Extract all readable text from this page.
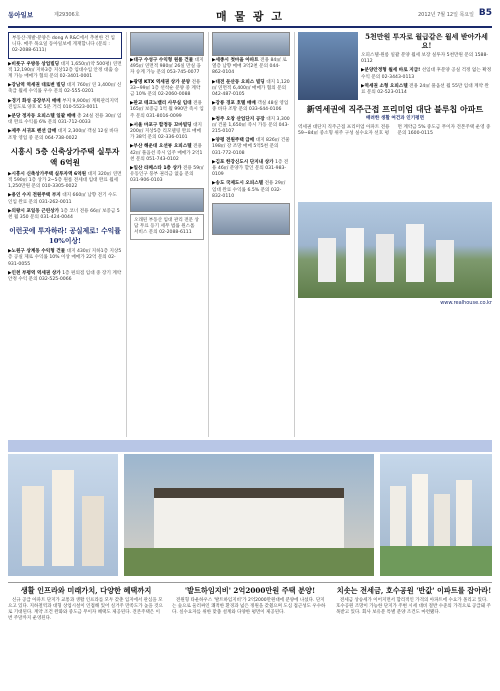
동아일보	제29306호	매 물 광 고	2012년 7월 12일 목요일 B5
부동산·개발·분양은 dong A R&C에서 추천한 건 입니다. 매주 목요일 동아일보에 게재합니다 (문의 : 02-2088-6111)
▶비롯구 우방동 상업빌딩 대지 1,650㎡(약 500평) 연면적 12,190㎡ 지하3층 지상12층 임대수입 안정 대출 승계 가능 매매가 협의 문의 02-3401-0001
▶강남역 역세권 대로변 빌딩 대지 760㎡ 연 3,400㎡ 신축급 월세 수익률 우수 문의 02-555-0201
▶경기 화성 공장부지 매매 부지 9,900㎡ 계획관리지역 진입도로 양호 IC 5분 거리 010-5523-0011
▶분당 정자동 오피스텔 일괄 매매 총 24실 전용 30㎡ 임대 완료 수익률 6% 문의 031-712-0033
▶제주 서귀포 펜션 급매 대지 2,300㎡ 객실 12실 바다 조망 영업 중 문의 064-738-0022
시흥시 5층 신축상가주택 실투자액 6억원
▶시흥시 신축상가주택 실투자액 6억원 대지 320㎡ 연면적 590㎡ 1층 상가 2~5층 원룸 전세대 임대 완료 월세 1,250만원 문의 010-3305-0022
▶용인 수지 전원주택 부지 대지 660㎡ 남향 전기 수도 인입 완료 문의 031-262-0011
▶의왕시 포일동 근린상가 1층 코너 전용 66㎡ 보증금 5천 월 350 문의 031-424-0044
이런곳에 투자하라! 공실제로! 수익률 10%이상!
▶노원구 상계동 수익형 건물 대지 430㎡ 지하1층 지상5층 공실 제로 수익률 10% 이상 매매가 22억 문의 02-931-0055
▶인천 부평역 역세권 상가 1층 편의점 임대 중 장기 계약 안정 수익 문의 032-525-0066
▶대구 수성구 수익형 원룸 건물 대지 495㎡ 연면적 980㎡ 26실 만실 융자 승계 가능 문의 053-745-0077
▶광명 KTX 역세권 상가 분양 전용 33~99㎡ 1층 선착순 분양 중 계약금 10% 문의 02-2060-0088
▶판교 테크노밸리 사무실 임대 전용 165㎡ 보증금 1억 월 990만 즉시 입주 문의 031-8016-0099
▶서울 마포구 합정동 꼬마빌딩 대지 200㎡ 지상5층 리모델링 완료 매매가 38억 문의 02-336-0101
▶부산 해운대 오션뷰 오피스텔 전용 42㎡ 풀옵션 즉시 입주 매매가 2억1천 문의 051-743-0102
▶일산 라페스타 1층 상가 전용 59㎡ 유동인구 풍부 권리금 없음 문의 031-906-0103
오래된 부동산 임대 관리 전문 상담 무료 등기 세무 법률 원스톱 서비스 문의 02-2088-6111
▶세종시 첫마을 아파트 전용 84㎡ 로열층 남향 매매 3억2천 문의 044-862-0104
▶대전 둔산동 오피스 빌딩 대지 1,120㎡ 연면적 6,400㎡ 매매가 협의 문의 042-487-0105
▶강릉 경포 호텔 매매 객실 48실 영업 중 바다 조망 문의 033-644-0106
▶청주 오창 산업단지 공장 대지 3,300㎡ 건물 1,650㎡ 즉시 가동 문의 043-215-0107
▶양평 전원주택 급매 대지 826㎡ 건물 198㎡ 강 조망 매매 5억5천 문의 031-772-0108
▶김포 한강신도시 단지내 상가 1층 전용 46㎡ 분양가 할인 문의 031-983-0109
▶송도 국제도시 오피스텔 전용 29㎡ 임대 완료 수익률 6.5% 문의 032-832-0110
5천만원 투자로 월급같은 월세 받아가세요!
오피스텔·원룸 일괄 분양 월세 보장 실투자 5천만원 문의 1588-0112
▶분양안정형 월세 바로 지급! 선임대 후분양 공실 걱정 없는 확정 수익 문의 02-3443-0113
▶역세권 소형 오피스텔 전용 24㎡ 풀옵션 월 55만 임대 계약 완료 문의 02-523-0114
新역세권에 직주근접 프리미엄 대단 블루칩 아파트
배려한 생활 여건과 인기평면
역세권 대단지 직주근접 프리미엄 아파트 전용 59~84㎡ 중소형 위주 구성 실수요자 선호 평면 계약금 5% 중도금 무이자 견본주택 운영 중 문의 1600-0115
www.realhouse.co.kr
생활 인프라와 미래가치, 다양한 혜택까지

신규 공급 아파트 단지가 교통과 생활 인프라를 모두 갖춘 입지에서 관심을 모으고 있다. 지하철역과 대형 상업시설이 인접해 있어 실거주 만족도가 높을 것으로 기대된다. 계약 조건 완화와 중도금 무이자 혜택도 제공된다. 견본주택은 이번 주말까지 운영된다.

'발트하임지비' 2억2000만원 주택 분양!

전원형 타운하우스 '발트하임지비'가 2억2000만원대에 분양에 나섰다. 단지는 숲으로 둘러싸인 쾌적한 환경과 넓은 정원을 갖췄으며 도심 접근성도 우수하다. 실수요자를 위한 맞춤 설계와 다양한 평면이 제공된다.

치솟는 전세금, 호수공원 '반값' 이파트를 잡아라!

전세금 상승세가 이어지면서 합리적인 가격의 아파트에 수요가 몰리고 있다. 호수공원 조망이 가능한 단지가 주변 시세 대비 절반 수준의 가격으로 공급돼 주목받고 있다. 회사 보유분 특별 분양 조건도 마련됐다.
